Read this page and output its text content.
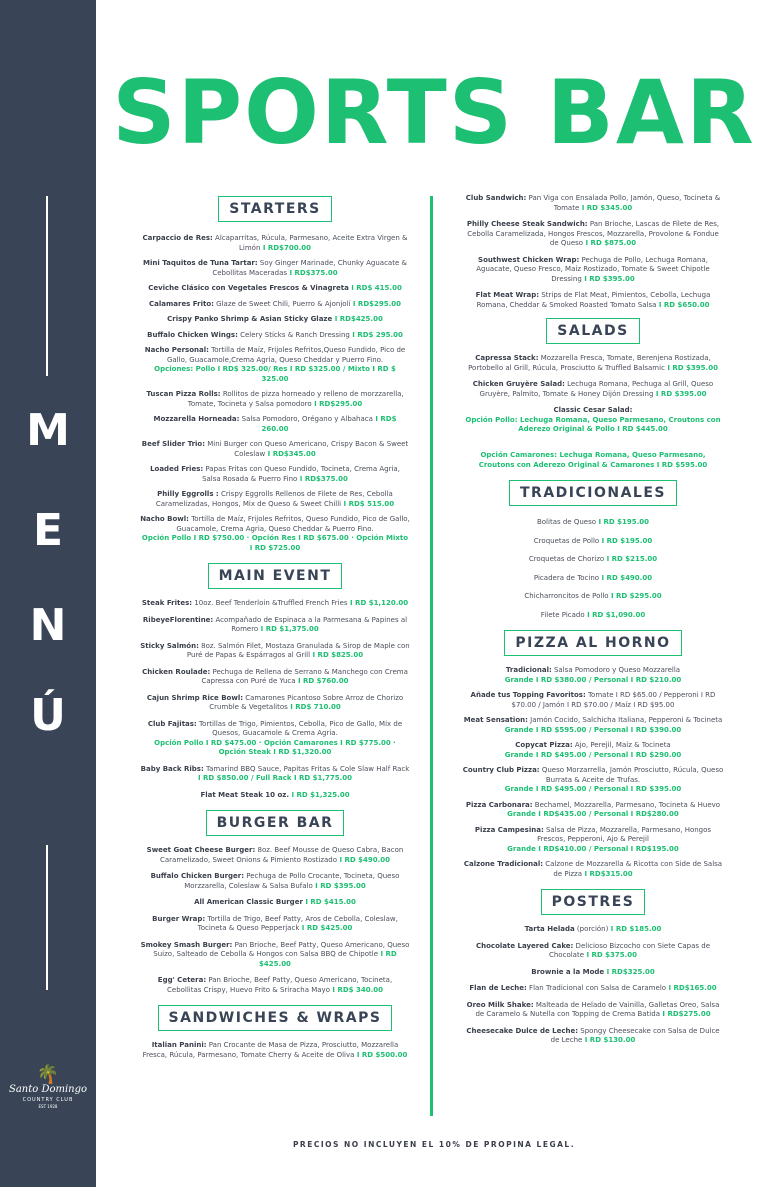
M
E
N
Ú
🌴
Santo Domingo
COUNTRY CLUB
EST 1928
SPORTS BAR
STARTERS
Carpaccio de Res: Alcaparritas, Rúcula, Parmesano, Aceite Extra Virgen & Limón I RD$700.00
Mini Taquitos de Tuna Tartar: Soy Ginger Marinade, Chunky Aguacate & Cebollitas Maceradas I RD$375.00
Ceviche Clásico con Vegetales Frescos & Vinagreta I RD$ 415.00
Calamares Frito: Glaze de Sweet Chili, Puerro & Ajonjolí I RD$295.00
Crispy Panko Shrimp & Asian Sticky Glaze I RD$425.00
Buffalo Chicken Wings: Celery Sticks & Ranch Dressing I RD$ 295.00
Nacho Personal: Tortilla de Maíz, Frijoles Refritos,Queso Fundido, Pico de Gallo, Guacamole,Crema Agria, Queso Cheddar y Puerro Fino.
Opciones: Pollo I RD$ 325.00/ Res I RD $325.00 / Mixto I RD $ 325.00
Tuscan Pizza Rolls: Rollitos de pizza horneado y relleno de morzzarella, Tomate, Tocineta y Salsa pomodoro I RD$295.00
Mozzarella Horneada: Salsa Pomodoro, Orégano y Albahaca I RD$ 260.00
Beef Slider Trio: Mini Burger con Queso Americano, Crispy Bacon & Sweet Coleslaw I RD$345.00
Loaded Fries: Papas Fritas con Queso Fundido, Tocineta, Crema Agria, Salsa Rosada & Puerro Fino I RD$375.00
Philly Eggrolls : Crispy Eggrolls Rellenos de Filete de Res, Cebolla Caramelizadas, Hongos, Mix de Queso & Sweet Chilli I RD$ 515.00
Nacho Bowl: Tortilla de Maíz, Frijoles Refritos, Queso Fundido, Pico de Gallo, Guacamole, Crema Agria, Queso Cheddar & Puerro Fino.
Opción Pollo I RD $750.00 · Opción Res I RD $675.00 · Opción Mixto I RD $725.00
MAIN EVENT
Steak Frites: 10oz. Beef Tenderloin &Truffled French Fries I RD $1,120.00
RibeyeFlorentine: Acompañado de Espinaca a la Parmesana & Papines al Romero I RD $1,375.00
Sticky Salmón: 8oz. Salmón Filet, Mostaza Granulada & Sirop de Maple con Puré de Papas & Espárragos al Grill I RD $825.00
Chicken Roulade: Pechuga de Rellena de Serrano & Manchego con Crema Capressa con Puré de Yuca I RD $760.00
Cajun Shrimp Rice Bowl: Camarones Picantoso Sobre Arroz de Chorizo Crumble & Vegetalitos I RD$ 710.00
Club Fajitas: Tortillas de Trigo, Pimientos, Cebolla, Pico de Gallo, Mix de Quesos, Guacamole & Crema Agria.
Opción Pollo I RD $475.00 · Opción Camarones I RD $775.00 · Opción Steak I RD $1,320.00
Baby Back Ribs: Tamarind BBQ Sauce, Papitas Fritas & Cole Slaw Half Rack I RD $850.00 / Full Rack I RD $1,775.00
Flat Meat Steak 10 oz. I RD $1,325.00
BURGER BAR
Sweet Goat Cheese Burger: 8oz. Beef Mousse de Queso Cabra, Bacon Caramelizado, Sweet Onions & Pimiento Rostizado I RD $490.00
Buffalo Chicken Burger: Pechuga de Pollo Crocante, Tocineta, Queso Morzzarella, Coleslaw & Salsa Bufalo I RD $395.00
All American Classic Burger I RD $415.00
Burger Wrap: Tortilla de Trigo, Beef Patty, Aros de Cebolla, Coleslaw, Tocineta & Queso Pepperjack I RD $425.00
Smokey Smash Burger: Pan Brioche, Beef Patty, Queso Americano, Queso Suizo, Salteado de Cebolla & Hongos con Salsa BBQ de Chipotle I RD $425.00
Egg' Cetera: Pan Brioche, Beef Patty, Queso Americano, Tocineta, Cebollitas Crispy, Huevo Frito & Sriracha Mayo I RD$ 340.00
SANDWICHES & WRAPS
Italian Panini: Pan Crocante de Masa de Pizza, Prosciutto, Mozzarella Fresca, Rúcula, Parmesano, Tomate Cherry & Aceite de Oliva I RD $500.00
Club Sandwich: Pan Viga con Ensalada Pollo, Jamón, Queso, Tocineta & Tomate I RD $345.00
Philly Cheese Steak Sandwich: Pan Brioche, Lascas de Filete de Res, Cebolla Caramelizada, Hongos Frescos, Mozzarella, Provolone & Fondue de Queso I RD $875.00
Southwest Chicken Wrap: Pechuga de Pollo, Lechuga Romana, Aguacate, Queso Fresco, Maíz Rostizado, Tomate & Sweet Chipotle Dressing I RD $395.00
Flat Meat Wrap: Strips de Flat Meat, Pimientos, Cebolla, Lechuga Romana, Cheddar & Smoked Roasted Tomato Salsa I RD $650.00
SALADS
Capressa Stack: Mozzarella Fresca, Tomate, Berenjena Rostizada, Portobello al Grill, Rúcula, Prosciutto & Truffled Balsamic I RD $395.00
Chicken Gruyère Salad: Lechuga Romana, Pechuga al Grill, Queso Gruyère, Palmito, Tomate & Honey Dijón Dressing I RD $395.00
Classic Cesar Salad:
Opción Pollo: Lechuga Romana, Queso Parmesano, Croutons con Aderezo Original & Pollo I RD $445.00

Opción Camarones: Lechuga Romana, Queso Parmesano, Croutons con Aderezo Original & Camarones I RD $595.00
TRADICIONALES
Bolitas de Queso I RD $195.00
Croquetas de Pollo I RD $195.00
Croquetas de Chorizo I RD $215.00
Picadera de Tocino I RD $490.00
Chicharroncitos de Pollo I RD $295.00
Filete Picado I RD $1,090.00
PIZZA AL HORNO
Tradicional: Salsa Pomodoro y Queso Mozzarella
Grande I RD $380.00 / Personal I RD $210.00
Añade tus Topping Favoritos: Tomate I RD $65.00 / Pepperoni I RD $70.00 / Jamón I RD $70.00 / Maíz I RD $95.00
Meat Sensation: Jamón Cocido, Salchicha Italiana, Pepperoni & Tocineta
Grande I RD $595.00 / Personal I RD $390.00
Copycat Pizza: Ajo, Perejil, Maíz & Tocineta
Grande I RD $495.00 / Personal I RD $290.00
Country Club Pizza: Queso Morzarrella, Jamón Prosciutto, Rúcula, Queso Burrata & Aceite de Trufas.
Grande I RD $495.00 / Personal I RD $395.00
Pizza Carbonara: Bechamel, Mozzarella, Parmesano, Tocineta & Huevo
Grande I RD$435.00 / Personal I RD$280.00
Pizza Campesina: Salsa de Pizza, Mozzarella, Parmesano, Hongos Frescos, Pepperoni, Ajo & Perejil
Grande I RD$410.00 / Personal I RD$195.00
Calzone Tradicional: Calzone de Mozzarella & Ricotta con Side de Salsa de Pizza I RD$315.00
POSTRES
Tarta Helada (porción) I RD $185.00
Chocolate Layered Cake: Delicioso Bizcocho con Siete Capas de Chocolate I RD $375.00
Brownie a la Mode I RD$325.00
Flan de Leche: Flan Tradicional con Salsa de Caramelo I RD$165.00
Oreo Milk Shake: Malteada de Helado de Vainilla, Galletas Oreo, Salsa de Caramelo & Nutella con Topping de Crema Batida I RD$275.00
Cheesecake Dulce de Leche: Spongy Cheesecake con Salsa de Dulce de Leche I RD $130.00
PRECIOS NO INCLUYEN EL 10% DE PROPINA LEGAL.
